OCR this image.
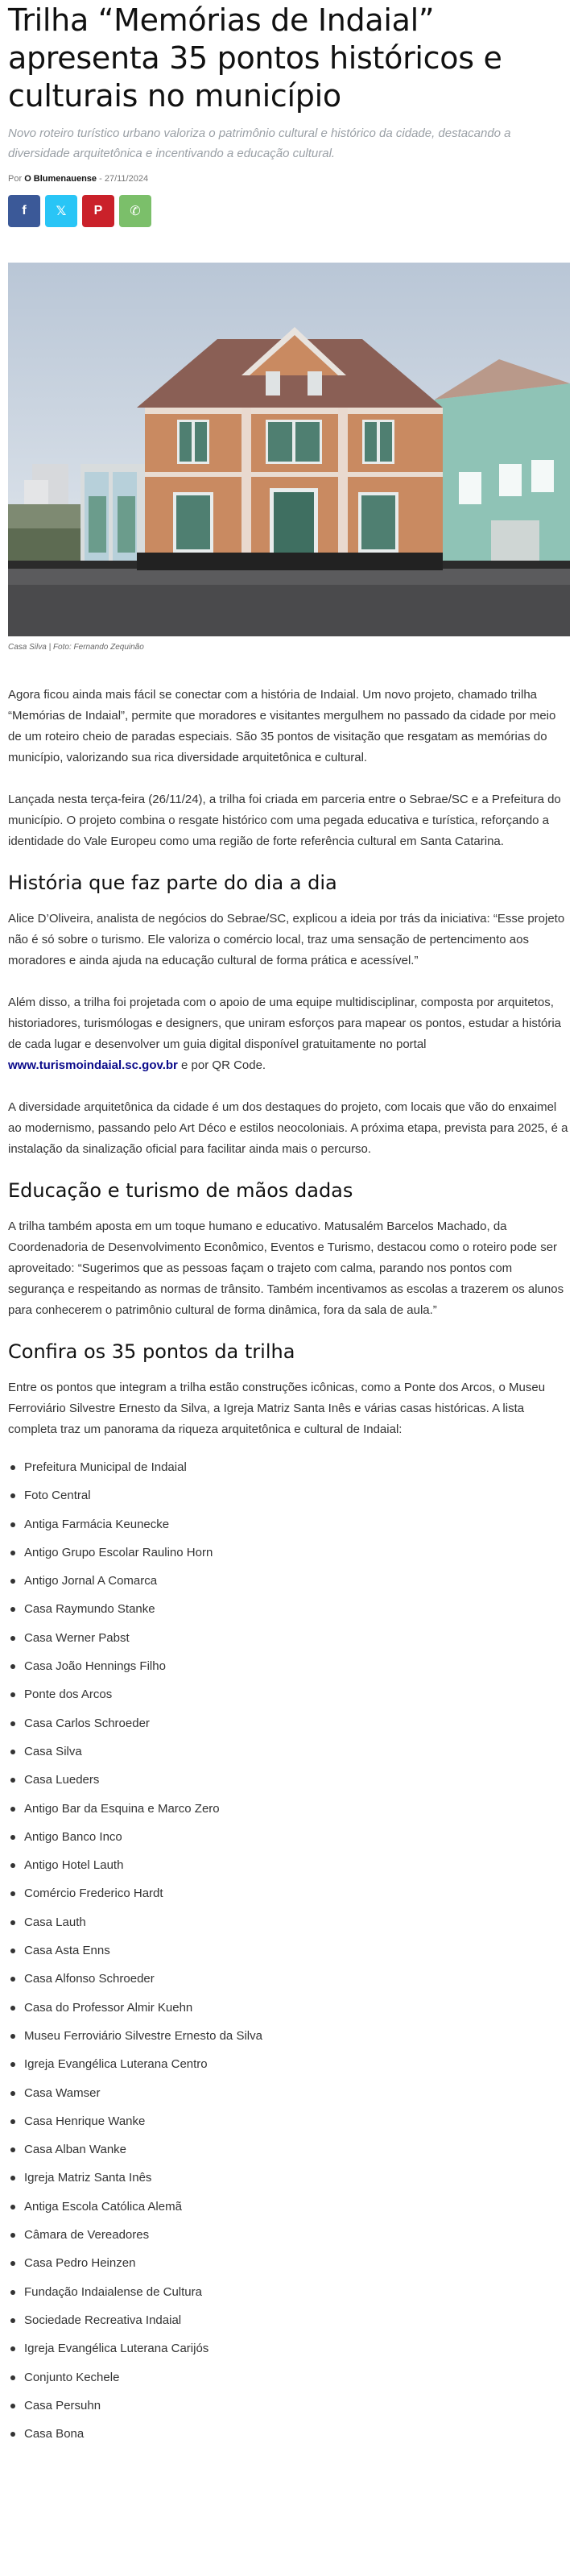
Trilha “Memórias de Indaial” apresenta 35 pontos históricos e culturais no município

Novo roteiro turístico urbano valoriza o patrimônio cultural e histórico da cidade, destacando a diversidade arquitetônica e incentivando a educação cultural.

Por O Blumenauense - 27/11/2024
f 𝕏 P ✆
Casa Silva | Foto: Fernando Zequinão

Agora ficou ainda mais fácil se conectar com a história de Indaial. Um novo projeto, chamado trilha “Memórias de Indaial”, permite que moradores e visitantes mergulhem no passado da cidade por meio de um roteiro cheio de paradas especiais. São 35 pontos de visitação que resgatam as memórias do município, valorizando sua rica diversidade arquitetônica e cultural.

Lançada nesta terça-feira (26/11/24), a trilha foi criada em parceria entre o Sebrae/SC e a Prefeitura do município. O projeto combina o resgate histórico com uma pegada educativa e turística, reforçando a identidade do Vale Europeu como uma região de forte referência cultural em Santa Catarina.

História que faz parte do dia a dia

Alice D’Oliveira, analista de negócios do Sebrae/SC, explicou a ideia por trás da iniciativa: “Esse projeto não é só sobre o turismo. Ele valoriza o comércio local, traz uma sensação de pertencimento aos moradores e ainda ajuda na educação cultural de forma prática e acessível.”

Além disso, a trilha foi projetada com o apoio de uma equipe multidisciplinar, composta por arquitetos, historiadores, turismólogas e designers, que uniram esforços para mapear os pontos, estudar a história de cada lugar e desenvolver um guia digital disponível gratuitamente no portal www.turismoindaial.sc.gov.br e por QR Code.

A diversidade arquitetônica da cidade é um dos destaques do projeto, com locais que vão do enxaimel ao modernismo, passando pelo Art Déco e estilos neocoloniais. A próxima etapa, prevista para 2025, é a instalação da sinalização oficial para facilitar ainda mais o percurso.

Educação e turismo de mãos dadas

A trilha também aposta em um toque humano e educativo. Matusalém Barcelos Machado, da Coordenadoria de Desenvolvimento Econômico, Eventos e Turismo, destacou como o roteiro pode ser aproveitado: “Sugerimos que as pessoas façam o trajeto com calma, parando nos pontos com segurança e respeitando as normas de trânsito. Também incentivamos as escolas a trazerem os alunos para conhecerem o patrimônio cultural de forma dinâmica, fora da sala de aula.”

Confira os 35 pontos da trilha

Entre os pontos que integram a trilha estão construções icônicas, como a Ponte dos Arcos, o Museu Ferroviário Silvestre Ernesto da Silva, a Igreja Matriz Santa Inês e várias casas históricas. A lista completa traz um panorama da riqueza arquitetônica e cultural de Indaial:

Prefeitura Municipal de Indaial
Foto Central
Antiga Farmácia Keunecke
Antigo Grupo Escolar Raulino Horn
Antigo Jornal A Comarca
Casa Raymundo Stanke
Casa Werner Pabst
Casa João Hennings Filho
Ponte dos Arcos
Casa Carlos Schroeder
Casa Silva
Casa Lueders
Antigo Bar da Esquina e Marco Zero
Antigo Banco Inco
Antigo Hotel Lauth
Comércio Frederico Hardt
Casa Lauth
Casa Asta Enns
Casa Alfonso Schroeder
Casa do Professor Almir Kuehn
Museu Ferroviário Silvestre Ernesto da Silva
Igreja Evangélica Luterana Centro
Casa Wamser
Casa Henrique Wanke
Casa Alban Wanke
Igreja Matriz Santa Inês
Antiga Escola Católica Alemã
Câmara de Vereadores
Casa Pedro Heinzen
Fundação Indaialense de Cultura
Sociedade Recreativa Indaial
Igreja Evangélica Luterana Carijós
Conjunto Kechele
Casa Persuhn
Casa Bona
